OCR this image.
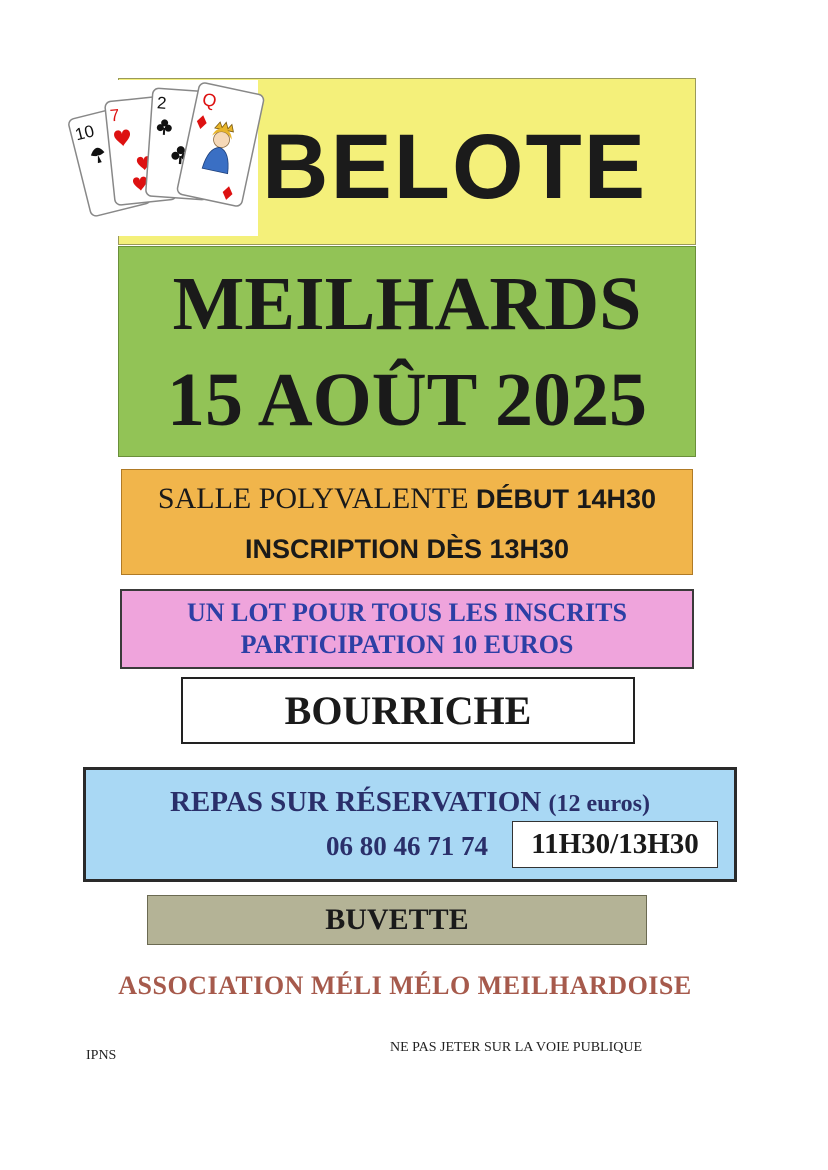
BELOTE
10
7
2 Q
MEILHARDS
15 AOÛT 2025
SALLE POLYVALENTE DÉBUT 14H30
INSCRIPTION DÈS 13H30
UN LOT POUR TOUS LES INSCRITS
PARTICIPATION 10 EUROS
BOURRICHE
REPAS SUR RÉSERVATION (12 euros)
06 80 46 71 74	11H30/13H30
BUVETTE
ASSOCIATION MÉLI MÉLO MEILHARDOISE
IPNS
NE PAS JETER SUR LA VOIE PUBLIQUE
